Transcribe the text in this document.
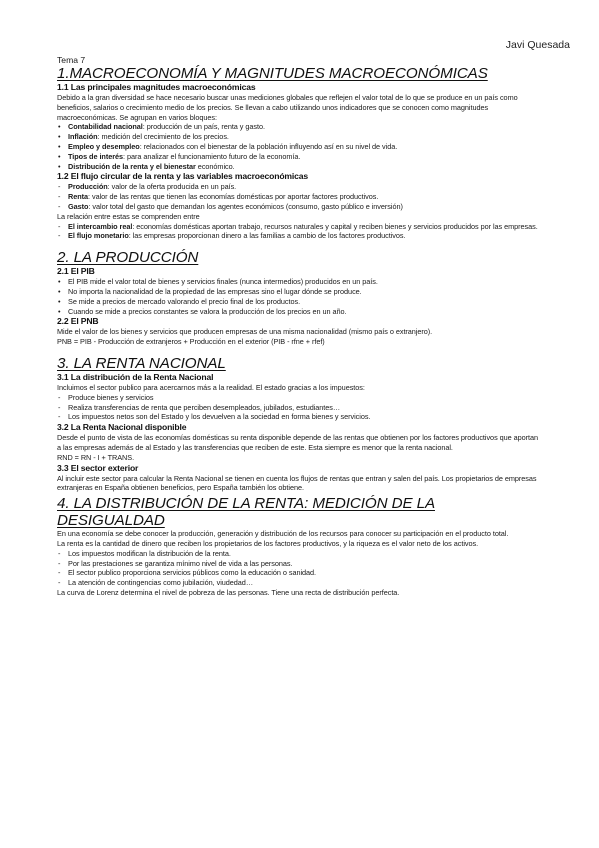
Javi Quesada
Tema 7
1.MACROECONOMÍA Y MAGNITUDES MACROECONÓMICAS
1.1 Las principales magnitudes macroeconómicas

Debido a la gran diversidad se hace necesario buscar unas mediciones globales que reflejen el valor total de lo que se produce en un país como beneficios, salarios o crecimiento medio de los precios. Se llevan a cabo utilizando unos indicadores que se conocen como magnitudes macroeconómicas. Se agrupan en varios bloques:

• Contabilidad nacional: producción de un país, renta y gasto.
• Inflación: medición del crecimiento de los precios.
• Empleo y desempleo: relacionados con el bienestar de la población influyendo así en su nivel de vida.
• Tipos de interés: para analizar el funcionamiento futuro de la economía.
• Distribución de la renta y el bienestar económico.
1.2 El flujo circular de la renta y las variables macroeconómicas
- Producción: valor de la oferta producida en un país.
- Renta: valor de las rentas que tienen las economías domésticas por aportar factores productivos.
- Gasto: valor total del gasto que demandan los agentes económicos (consumo, gasto público e inversión)

La relación entre estas se comprenden entre

- El intercambio real: economías domésticas aportan trabajo, recursos naturales y capital y reciben bienes y servicios producidos por las empresas.
- El flujo monetario: las empresas proporcionan dinero a las familias a cambio de los factores productivos.
2. LA PRODUCCIÓN
2.1 El PIB
• El PIB mide el valor total de bienes y servicios finales (nunca intermedios) producidos en un país.
• No importa la nacionalidad de la propiedad de las empresas sino el lugar dónde se produce.
• Se mide a precios de mercado valorando el precio final de los productos.
• Cuando se mide a precios constantes se valora la producción de los precios en un año.
2.2 El PNB

Mide el valor de los bienes y servicios que producen empresas de una misma nacionalidad (mismo país o extranjero).

PNB = PIB - Producción de extranjeros + Producción en el exterior (PIB - rfne + rfef)

3. LA RENTA NACIONAL
3.1 La distribución de la Renta Nacional

Incluimos el sector publico para acercarnos más a la realidad. El estado gracias a los impuestos:

- Produce bienes y servicios
- Realiza transferencias de renta que perciben desempleados, jubilados, estudiantes…
- Los impuestos netos son del Estado y los devuelven a la sociedad en forma bienes y servicios.
3.2 La Renta Nacional disponible

Desde el punto de vista de las economías domésticas su renta disponible depende de las rentas que obtienen por los factores productivos que aportan a las empresas además de al Estado y las transferencias que reciben de este. Esta siempre es menor que la renta nacional.

RND = RN - I + TRANS.

3.3 El sector exterior

Al incluir este sector para calcular la Renta Nacional se tienen en cuenta los flujos de rentas que entran y salen del país. Los propietarios de empresas extranjeras en España obtienen beneficios, pero España también los obtiene.

4. LA DISTRIBUCIÓN DE LA RENTA: MEDICIÓN DE LA DESIGUALDAD

En una economía se debe conocer la producción, generación y distribución de los recursos para conocer su participación en el producto total.

La renta es la cantidad de dinero que reciben los propietarios de los factores productivos, y la riqueza es el valor neto de los activos.

- Los impuestos modifican la distribución de la renta.
- Por las prestaciones se garantiza mínimo nivel de vida a las personas.
- El sector publico proporciona servicios públicos como la educación o sanidad.
- La atención de contingencias como jubilación, viudedad…

La curva de Lorenz determina el nivel de pobreza de las personas. Tiene una recta de distribución perfecta.
